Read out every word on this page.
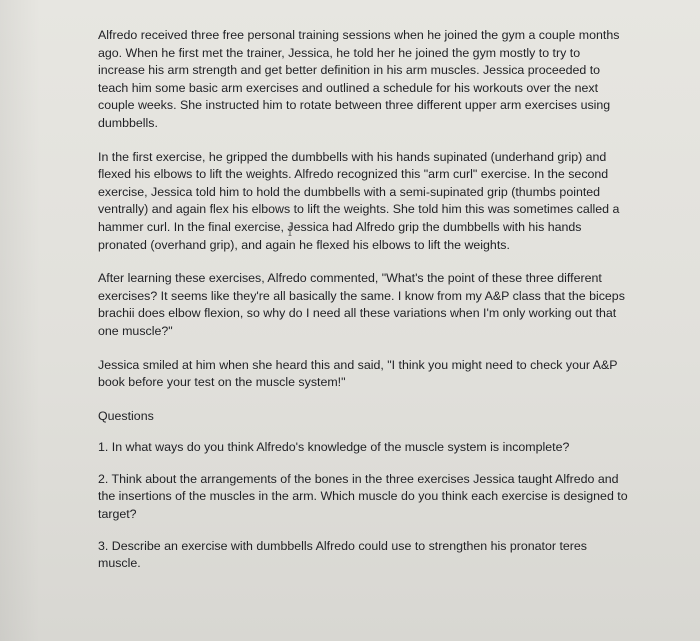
Alfredo received three free personal training sessions when he joined the gym a couple months ago. When he first met the trainer, Jessica, he told her he joined the gym mostly to try to increase his arm strength and get better definition in his arm muscles. Jessica proceeded to teach him some basic arm exercises and outlined a schedule for his workouts over the next couple weeks. She instructed him to rotate between three different upper arm exercises using dumbbells.

In the first exercise, he gripped the dumbbells with his hands supinated (underhand grip) and flexed his elbows to lift the weights. Alfredo recognized this "arm curl" exercise. In the second exercise, Jessica told him to hold the dumbbells with a semi-supinated grip (thumbs pointed ventrally) and again flex his elbows to lift the weights. She told him this was sometimes called a hammer curl. In the final exercise, Jessica had Alfredo grip the dumbbells with his hands pronated (overhand grip), and again he flexed his elbows to lift the weights.

After learning these exercises, Alfredo commented, "What's the point of these three different exercises? It seems like they're all basically the same. I know from my A&P class that the biceps brachii does elbow flexion, so why do I need all these variations when I'm only working out that one muscle?"

Jessica smiled at him when she heard this and said, "I think you might need to check your A&P book before your test on the muscle system!"

Questions

1. In what ways do you think Alfredo's knowledge of the muscle system is incomplete?

2. Think about the arrangements of the bones in the three exercises Jessica taught Alfredo and the insertions of the muscles in the arm. Which muscle do you think each exercise is designed to target?

3. Describe an exercise with dumbbells Alfredo could use to strengthen his pronator teres muscle.
